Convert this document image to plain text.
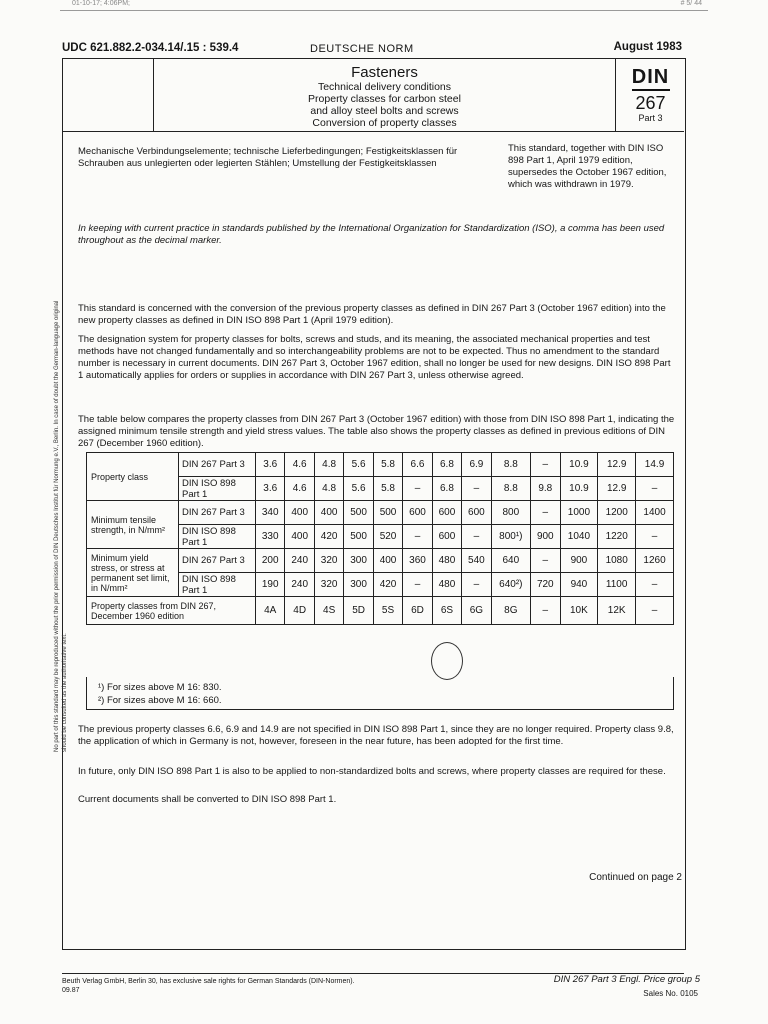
01-10-17; 4:06PM;	# 5/ 44
UDC 621.882.2-034.14/.15 : 539.4	DEUTSCHE NORM	August 1983
Fasteners
Technical delivery conditions
Property classes for carbon steel
and alloy steel bolts and screws
Conversion of property classes
DIN
267
Part 3
Mechanische Verbindungselemente; technische Lieferbedingungen; Festigkeitsklassen für Schrauben aus unlegierten oder legierten Stählen; Umstellung der Festigkeitsklassen
This standard, together with DIN ISO 898 Part 1, April 1979 edition, supersedes the October 1967 edition, which was withdrawn in 1979.
In keeping with current practice in standards published by the International Organization for Standardization (ISO), a comma has been used throughout as the decimal marker.
This standard is concerned with the conversion of the previous property classes as defined in DIN 267 Part 3 (October 1967 edition) into the new property classes as defined in DIN ISO 898 Part 1 (April 1979 edition).
The designation system for property classes for bolts, screws and studs, and its meaning, the associated mechanical properties and test methods have not changed fundamentally and so interchangeability problems are not to be expected. Thus no amendment to the standard number is necessary in current documents. DIN 267 Part 3, October 1967 edition, shall no longer be used for new designs. DIN ISO 898 Part 1 automatically applies for orders or supplies in accordance with DIN 267 Part 3, unless otherwise agreed.
The table below compares the property classes from DIN 267 Part 3 (October 1967 edition) with those from DIN ISO 898 Part 1, indicating the assigned minimum tensile strength and yield stress values. The table also shows the property classes as defined in previous editions of DIN 267 (December 1960 edition).
Property class	DIN 267 Part 3	3.6	4.6	4.8	5.6	5.8	6.6	6.8	6.9	8.8	–	10.9	12.9	14.9
	DIN ISO 898 Part 1	3.6	4.6	4.8	5.6	5.8	–	6.8	–	8.8	9.8	10.9	12.9	–
Minimum tensile strength, in N/mm²	DIN 267 Part 3	340	400	400	500	500	600	600	600	800	–	1000	1200	1400
	DIN ISO 898 Part 1	330	400	420	500	520	–	600	–	800¹)	900	1040	1220	–
Minimum yield stress, or stress at permanent set limit, in N/mm²	DIN 267 Part 3	200	240	320	300	400	360	480	540	640	–	900	1080	1260
	DIN ISO 898 Part 1	190	240	320	300	420	–	480	–	640²)	720	940	1100	–
Property classes from DIN 267, December 1960 edition		4A	4D	4S	5D	5S	6D	6S	6G	8G	–	10K	12K	–
¹) For sizes above M 16: 830.
²) For sizes above M 16: 660.
The previous property classes 6.6, 6.9 and 14.9 are not specified in DIN ISO 898 Part 1, since they are no longer required. Property class 9.8, the application of which in Germany is not, however, foreseen in the near future, has been adopted for the first time.
In future, only DIN ISO 898 Part 1 is also to be applied to non-standardized bolts and screws, where property classes are required for these.
Current documents shall be converted to DIN ISO 898 Part 1.
Continued on page 2
Beuth Verlag GmbH, Berlin 30, has exclusive sale rights for German Standards (DIN-Normen).
09.87
DIN 267 Part 3 Engl. Price group 5
Sales No. 0105
No part of this standard may be reproduced without the prior permission of DIN Deutsches Institut für Normung e.V., Berlin. In case of doubt the German-language original should be consulted as the authoritative text.
